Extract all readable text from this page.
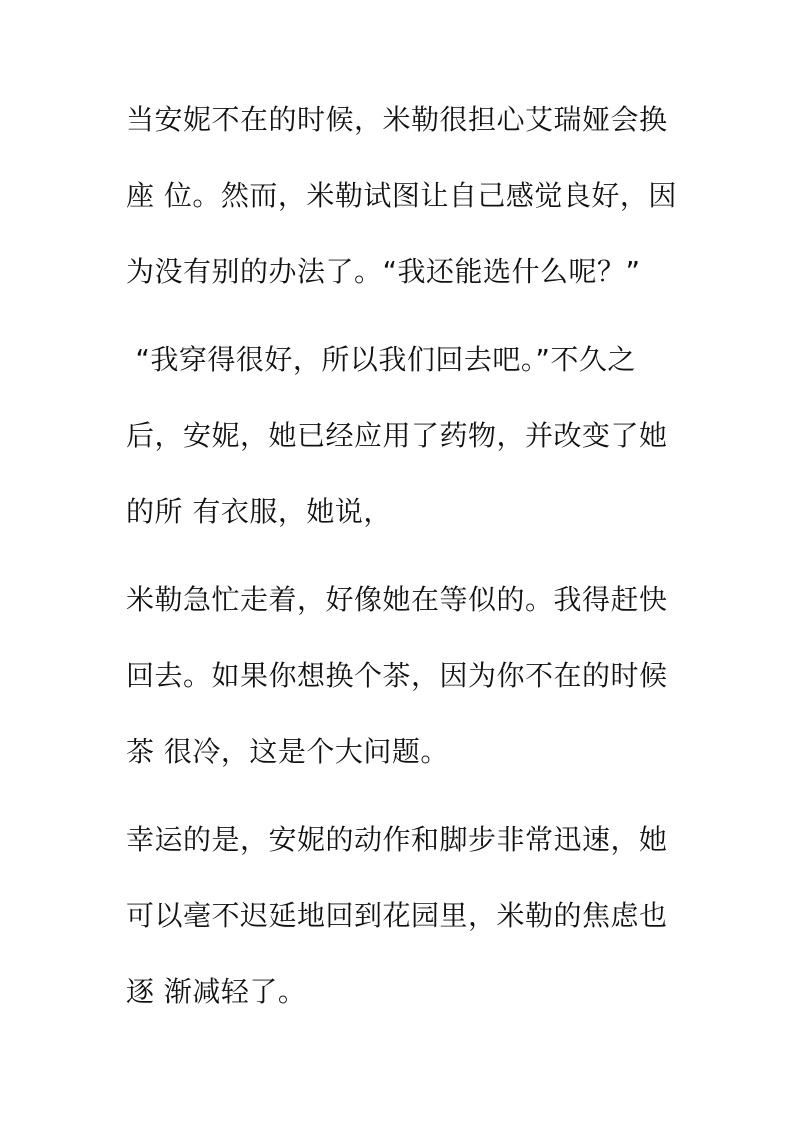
当安妮不在的时候，米勒很担心艾瑞娅会换
座 位。然而，米勒试图让自己感觉良好，因
为没有别的办法了。“我还能选什么呢？”
“我穿得很好，所以我们回去吧。”不久之
后，安妮，她已经应用了药物，并改变了她
的所 有衣服，她说，
米勒急忙走着，好像她在等似的。我得赶快
回去。如果你想换个茶，因为你不在的时候
茶 很冷，这是个大问题。
幸运的是，安妮的动作和脚步非常迅速，她
可以毫不迟延地回到花园里，米勒的焦虑也
逐 渐减轻了。
